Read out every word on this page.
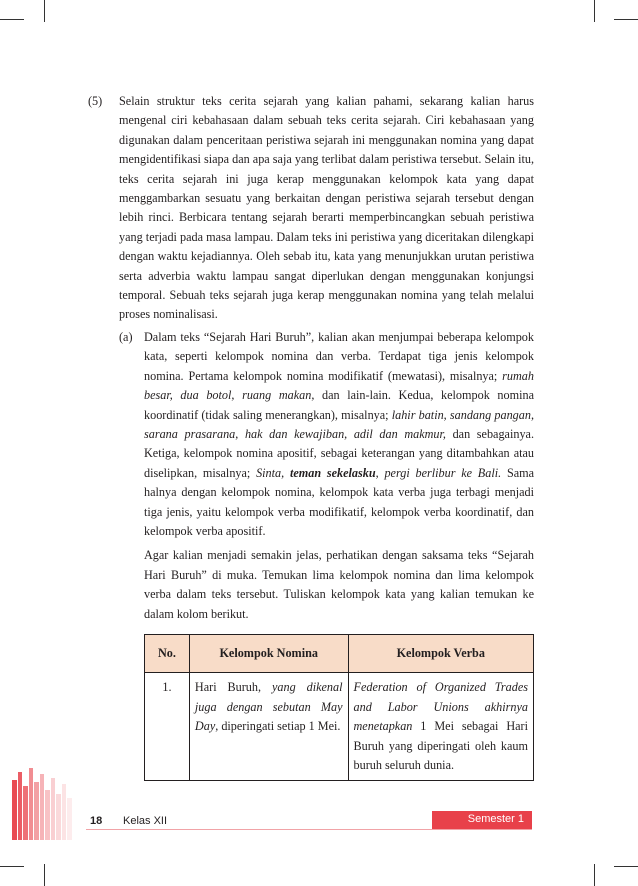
(5) Selain struktur teks cerita sejarah yang kalian pahami, sekarang kalian harus mengenal ciri kebahasaan dalam sebuah teks cerita sejarah. Ciri kebahasaan yang digunakan dalam penceritaan peristiwa sejarah ini menggunakan nomina yang dapat mengidentifikasi siapa dan apa saja yang terlibat dalam peristiwa tersebut. Selain itu, teks cerita sejarah ini juga kerap menggunakan kelompok kata yang dapat menggambarkan sesuatu yang berkaitan dengan peristiwa sejarah tersebut dengan lebih rinci. Berbicara tentang sejarah berarti memperbincangkan sebuah peristiwa yang terjadi pada masa lampau. Dalam teks ini peristiwa yang diceritakan dilengkapi dengan waktu kejadiannya. Oleh sebab itu, kata yang menunjukkan urutan peristiwa serta adverbia waktu lampau sangat diperlukan dengan menggunakan konjungsi temporal. Sebuah teks sejarah juga kerap menggunakan nomina yang telah melalui proses nominalisasi.
(a) Dalam teks “Sejarah Hari Buruh”, kalian akan menjumpai beberapa kelompok kata, seperti kelompok nomina dan verba. Terdapat tiga jenis kelompok nomina. Pertama kelompok nomina modifikatif (mewatasi), misalnya; rumah besar, dua botol, ruang makan, dan lain-lain. Kedua, kelompok nomina koordinatif (tidak saling menerangkan), misalnya; lahir batin, sandang pangan, sarana prasarana, hak dan kewajiban, adil dan makmur, dan sebagainya. Ketiga, kelompok nomina apositif, sebagai keterangan yang ditambahkan atau diselipkan, misalnya; Sinta, teman sekelasku, pergi berlibur ke Bali. Sama halnya dengan kelompok nomina, kelompok kata verba juga terbagi menjadi tiga jenis, yaitu kelompok verba modifikatif, kelompok verba koordinatif, dan kelompok verba apositif.
Agar kalian menjadi semakin jelas, perhatikan dengan saksama teks “Sejarah Hari Buruh” di muka. Temukan lima kelompok nomina dan lima kelompok verba dalam teks tersebut. Tuliskan kelompok kata yang kalian temukan ke dalam kolom berikut.
No.	Kelompok Nomina	Kelompok Verba
1.	Hari Buruh, yang dikenal juga dengan sebutan May Day, diperingati setiap 1 Mei.	Federation of Organized Trades and Labor Unions akhirnya menetapkan 1 Mei sebagai Hari Buruh yang diperingati oleh kaum buruh seluruh dunia.
18 Kelas XII	Semester 1
